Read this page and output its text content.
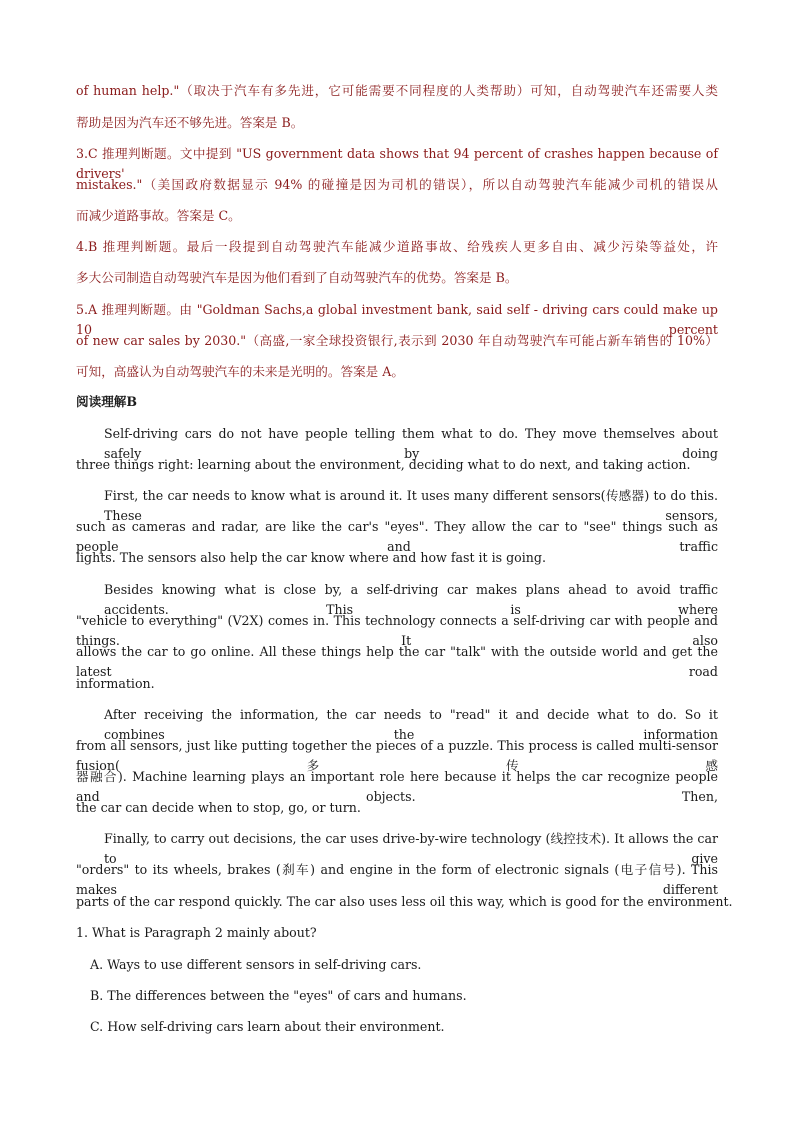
of human help."（取决于汽车有多先进，它可能需要不同程度的人类帮助）可知，自动驾驶汽车还需要人类
帮助是因为汽车还不够先进。答案是 B。
3.C 推理判断题。文中提到 "US government data shows that 94 percent of crashes happen because of drivers'
mistakes."（美国政府数据显示 94% 的碰撞是因为司机的错误），所以自动驾驶汽车能减少司机的错误从
而减少道路事故。答案是 C。
4.B 推理判断题。最后一段提到自动驾驶汽车能减少道路事故、给残疾人更多自由、减少污染等益处，许
多大公司制造自动驾驶汽车是因为他们看到了自动驾驶汽车的优势。答案是 B。
5.A 推理判断题。由 "Goldman Sachs,a global investment bank, said self - driving cars could make up 10 percent
of new car sales by 2030."（高盛,一家全球投资银行,表示到 2030 年自动驾驶汽车可能占新车销售的 10%）
可知，高盛认为自动驾驶汽车的未来是光明的。答案是 A。
阅读理解B
Self-driving cars do not have people telling them what to do. They move themselves about safely by doing
three things right: learning about the environment, deciding what to do next, and taking action.
First, the car needs to know what is around it. It uses many different sensors(传感器) to do this. These sensors,
such as cameras and radar, are like the car's "eyes". They allow the car to "see" things such as people and traffic
lights. The sensors also help the car know where and how fast it is going.
Besides knowing what is close by, a self-driving car makes plans ahead to avoid traffic accidents. This is where
"vehicle to everything" (V2X) comes in. This technology connects a self-driving car with people and things. It also
allows the car to go online. All these things help the car "talk" with the outside world and get the latest road
information.
After receiving the information, the car needs to "read" it and decide what to do. So it combines the information
from all sensors, just like putting together the pieces of a puzzle. This process is called multi-sensor fusion(多传感
器融合). Machine learning plays an important role here because it helps the car recognize people and objects. Then,
the car can decide when to stop, go, or turn.
Finally, to carry out decisions, the car uses drive-by-wire technology (线控技术). It allows the car to give
"orders" to its wheels, brakes (刹车) and engine in the form of electronic signals (电子信号). This makes different
parts of the car respond quickly. The car also uses less oil this way, which is good for the environment.
1. What is Paragraph 2 mainly about?
A. Ways to use different sensors in self-driving cars.
B. The differences between the "eyes" of cars and humans.
C. How self-driving cars learn about their environment.
